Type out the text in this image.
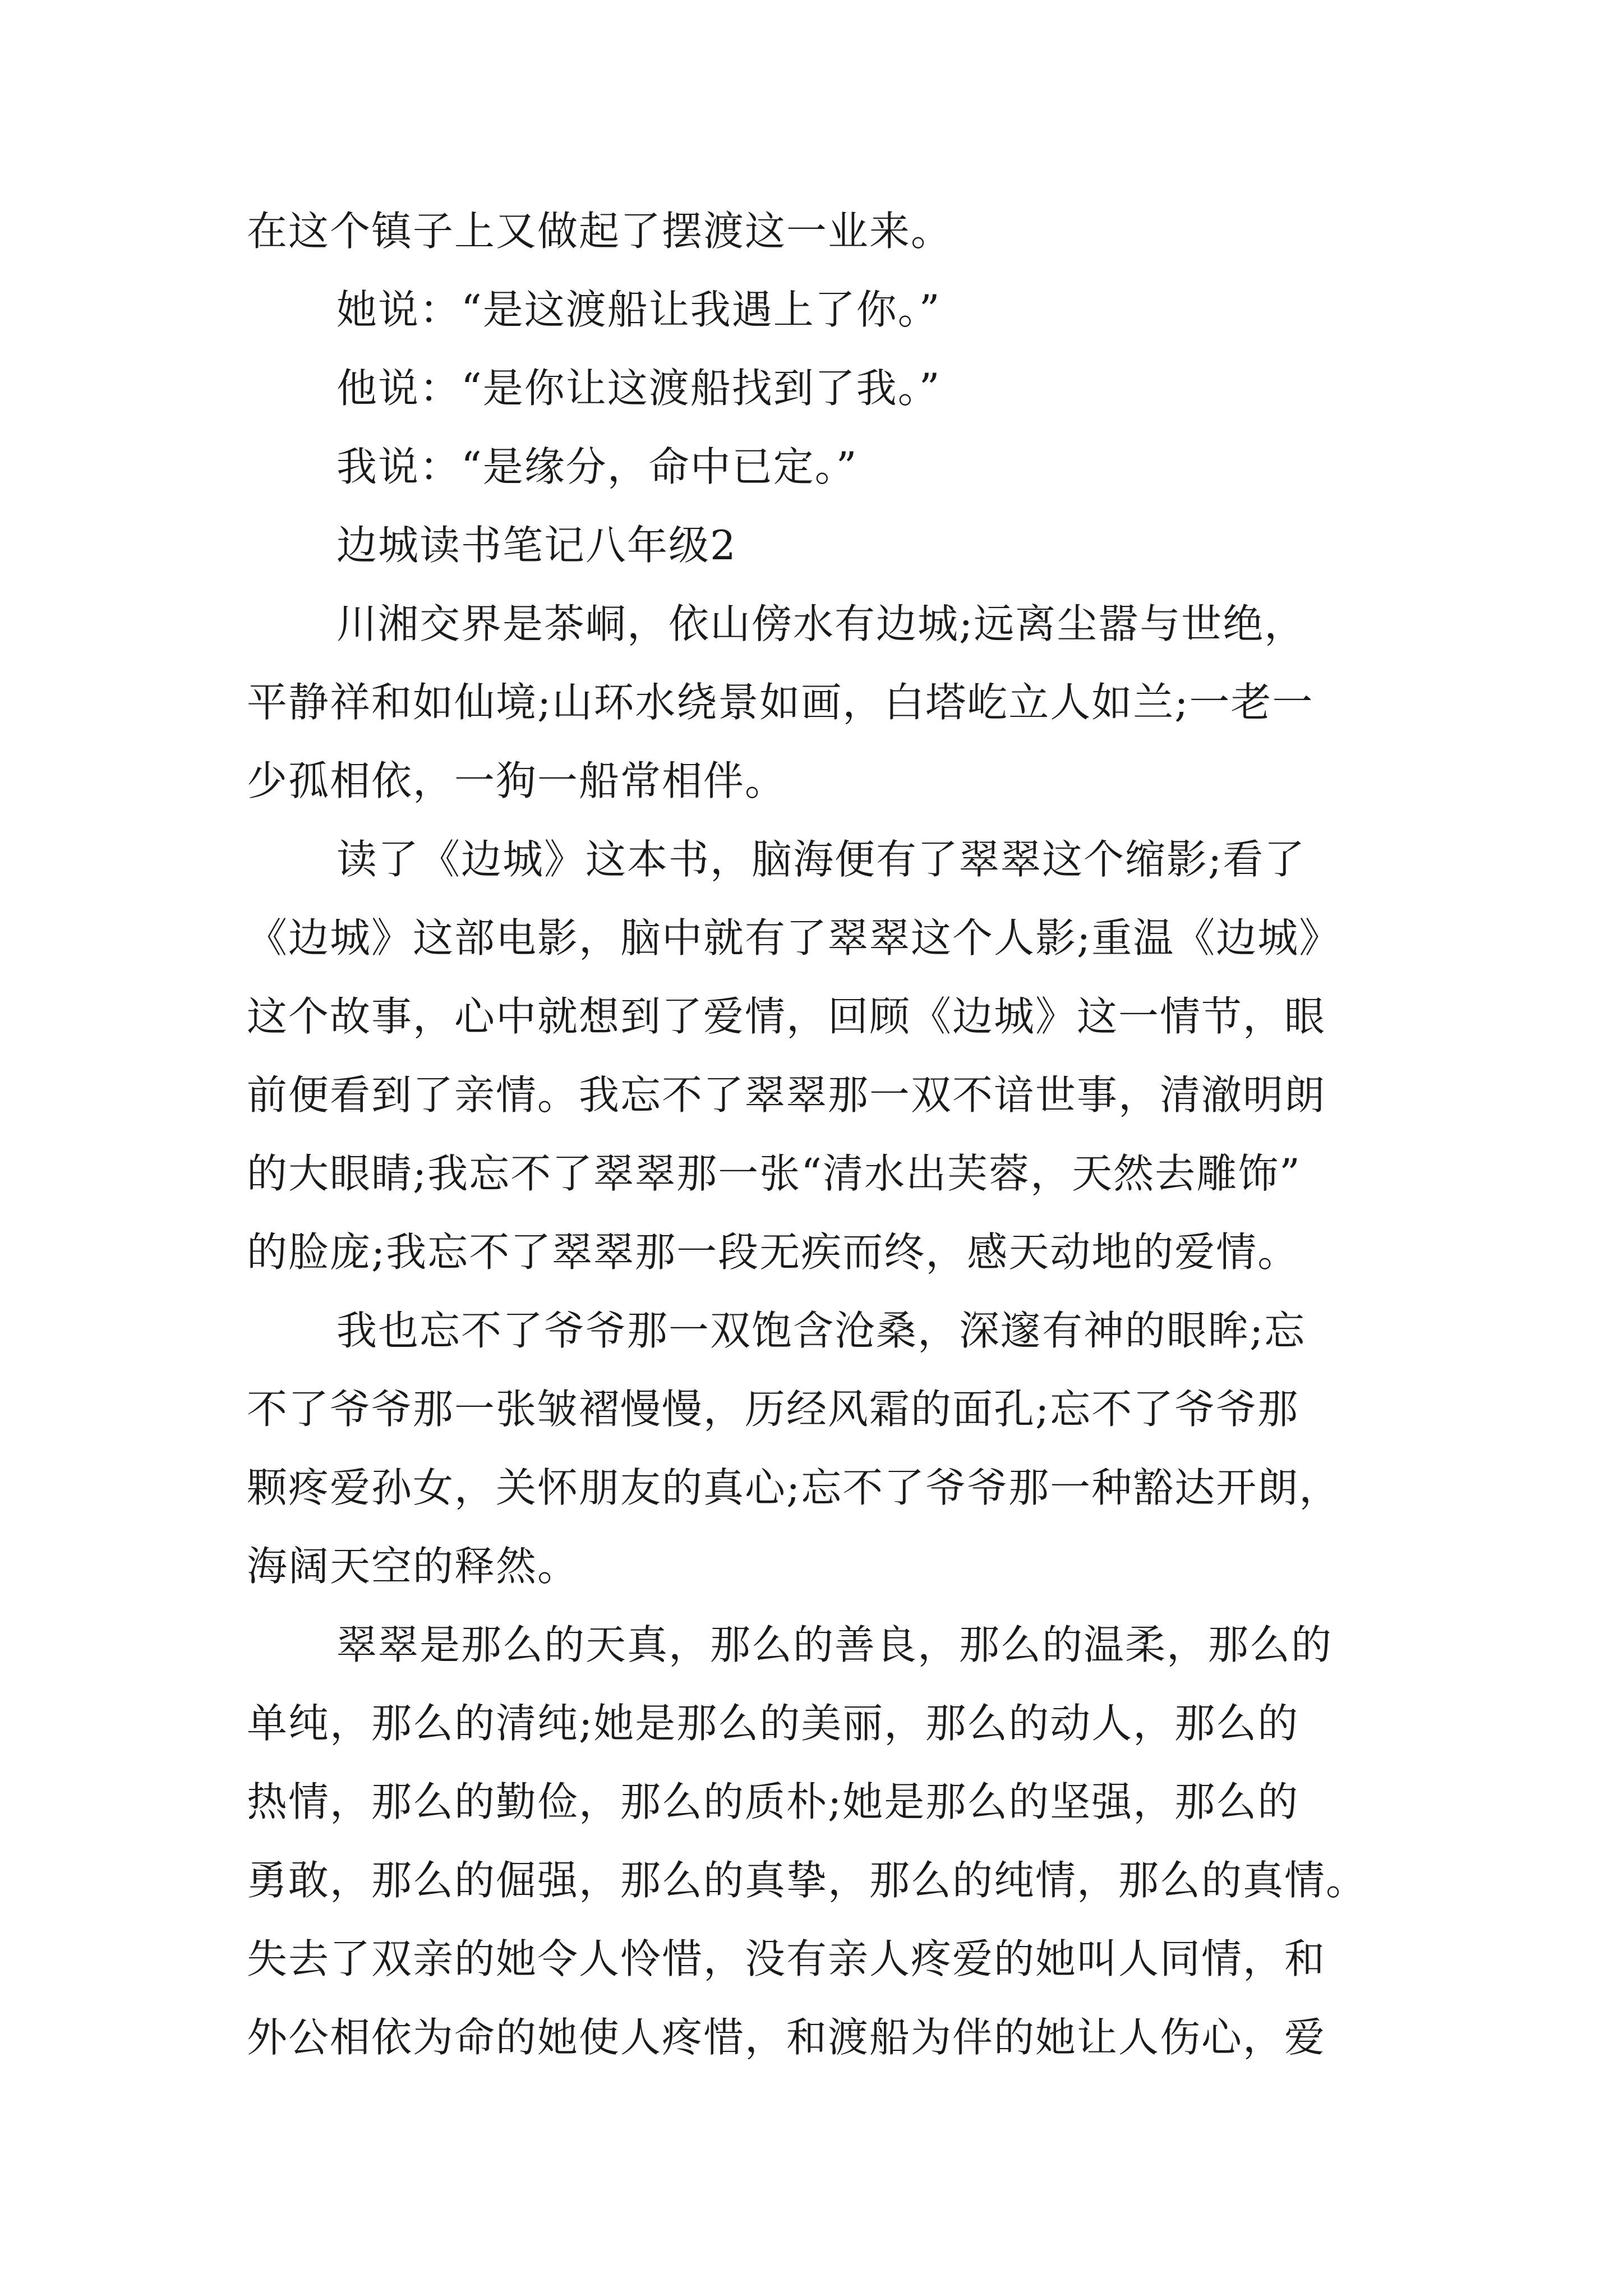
在这个镇子上又做起了摆渡这一业来。
她说：“是这渡船让我遇上了你。”
他说：“是你让这渡船找到了我。”
我说：“是缘分，命中已定。”
边城读书笔记八年级2
川湘交界是茶峒，依山傍水有边城;远离尘嚣与世绝，
平静祥和如仙境;山环水绕景如画，白塔屹立人如兰;一老一
少孤相依，一狗一船常相伴。
读了《边城》这本书，脑海便有了翠翠这个缩影;看了
《边城》这部电影，脑中就有了翠翠这个人影;重温《边城》
这个故事，心中就想到了爱情，回顾《边城》这一情节，眼
前便看到了亲情。我忘不了翠翠那一双不谙世事，清澈明朗
的大眼睛;我忘不了翠翠那一张“清水出芙蓉，天然去雕饰”
的脸庞;我忘不了翠翠那一段无疾而终，感天动地的爱情。
我也忘不了爷爷那一双饱含沧桑，深邃有神的眼眸;忘
不了爷爷那一张皱褶慢慢，历经风霜的面孔;忘不了爷爷那
颗疼爱孙女，关怀朋友的真心;忘不了爷爷那一种豁达开朗，
海阔天空的释然。
翠翠是那么的天真，那么的善良，那么的温柔，那么的
单纯，那么的清纯;她是那么的美丽，那么的动人，那么的
热情，那么的勤俭，那么的质朴;她是那么的坚强，那么的
勇敢，那么的倔强，那么的真挚，那么的纯情，那么的真情。
失去了双亲的她令人怜惜，没有亲人疼爱的她叫人同情，和
外公相依为命的她使人疼惜，和渡船为伴的她让人伤心，爱
